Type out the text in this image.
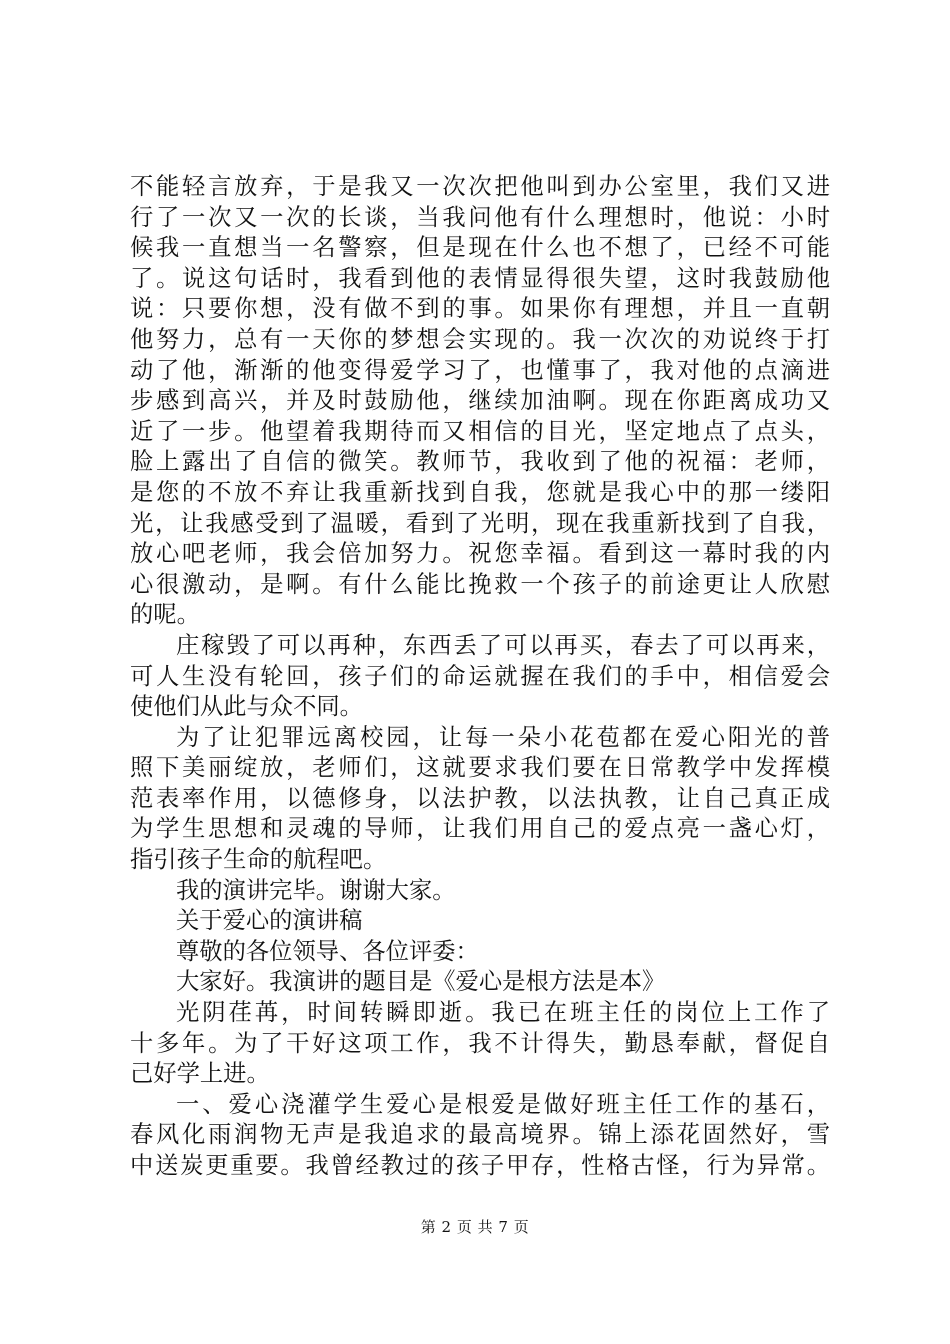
不能轻言放弃，于是我又一次次把他叫到办公室里，我们又进
行了一次又一次的长谈，当我问他有什么理想时，他说：小时
候我一直想当一名警察，但是现在什么也不想了，已经不可能
了。说这句话时，我看到他的表情显得很失望，这时我鼓励他
说：只要你想，没有做不到的事。如果你有理想，并且一直朝
他努力，总有一天你的梦想会实现的。我一次次的劝说终于打
动了他，渐渐的他变得爱学习了，也懂事了，我对他的点滴进
步感到高兴，并及时鼓励他，继续加油啊。现在你距离成功又
近了一步。他望着我期待而又相信的目光，坚定地点了点头，
脸上露出了自信的微笑。教师节，我收到了他的祝福：老师，
是您的不放不弃让我重新找到自我，您就是我心中的那一缕阳
光，让我感受到了温暖，看到了光明，现在我重新找到了自我，
放心吧老师，我会倍加努力。祝您幸福。看到这一幕时我的内
心很激动，是啊。有什么能比挽救一个孩子的前途更让人欣慰
的呢。
庄稼毁了可以再种，东西丢了可以再买，春去了可以再来，
可人生没有轮回，孩子们的命运就握在我们的手中，相信爱会
使他们从此与众不同。
为了让犯罪远离校园，让每一朵小花苞都在爱心阳光的普
照下美丽绽放，老师们，这就要求我们要在日常教学中发挥模
范表率作用，以德修身，以法护教，以法执教，让自己真正成
为学生思想和灵魂的导师，让我们用自己的爱点亮一盏心灯，
指引孩子生命的航程吧。
我的演讲完毕。谢谢大家。
关于爱心的演讲稿
尊敬的各位领导、各位评委：
大家好。我演讲的题目是《爱心是根方法是本》
光阴荏苒，时间转瞬即逝。我已在班主任的岗位上工作了
十多年。为了干好这项工作，我不计得失，勤恳奉献，督促自
己好学上进。
一、爱心浇灌学生爱心是根爱是做好班主任工作的基石，
春风化雨润物无声是我追求的最高境界。锦上添花固然好，雪
中送炭更重要。我曾经教过的孩子甲存，性格古怪，行为异常。
第 2 页 共 7 页
